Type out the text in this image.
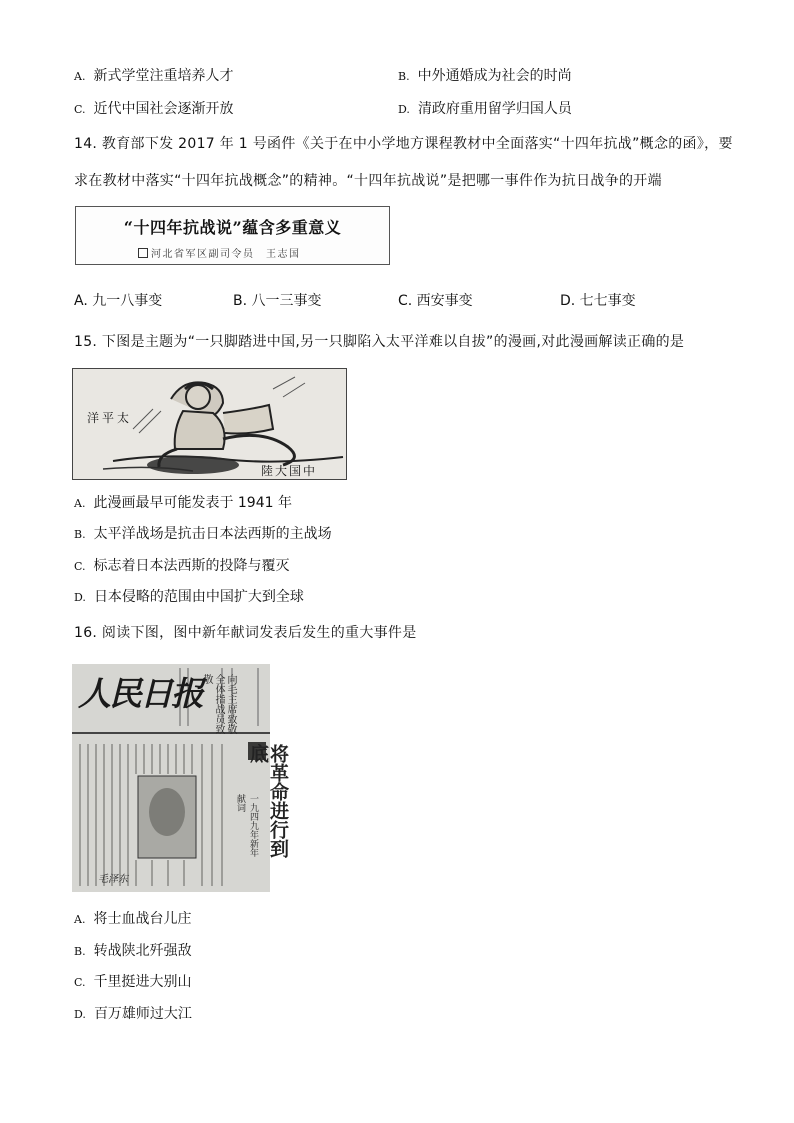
A. 新式学堂注重培养人才	B. 中外通婚成为社会的时尚
C. 近代中国社会逐渐开放	D. 清政府重用留学归国人员
14. 教育部下发 2017 年 1 号函件《关于在中小学地方课程教材中全面落实“十四年抗战”概念的函》，要
求在教材中落实“十四年抗战概念”的精神。“十四年抗战说”是把哪一事件作为抗日战争的开端
“十四年抗战说”蕴含多重意义
河北省军区副司令员　王志国
A. 九一八事变	B. 八一三事变	C. 西安事变	D. 七七事变
15. 下图是主题为“一只脚踏进中国,另一只脚陷入太平洋难以自拔”的漫画,对此漫画解读正确的是
洋平太
陸大国中
A. 此漫画最早可能发表于 1941 年
B. 太平洋战场是抗击日本法西斯的主战场
C. 标志着日本法西斯的投降与覆灭
D. 日本侵略的范围由中国扩大到全球
16. 阅读下图，图中新年献词发表后发生的重大事件是
人民日报	向毛主席致敬 全体指战员致敬
将革命进行到底
一九四九年新年献词
毛泽东
A. 将士血战台儿庄
B. 转战陕北歼强敌
C. 千里挺进大别山
D. 百万雄师过大江
